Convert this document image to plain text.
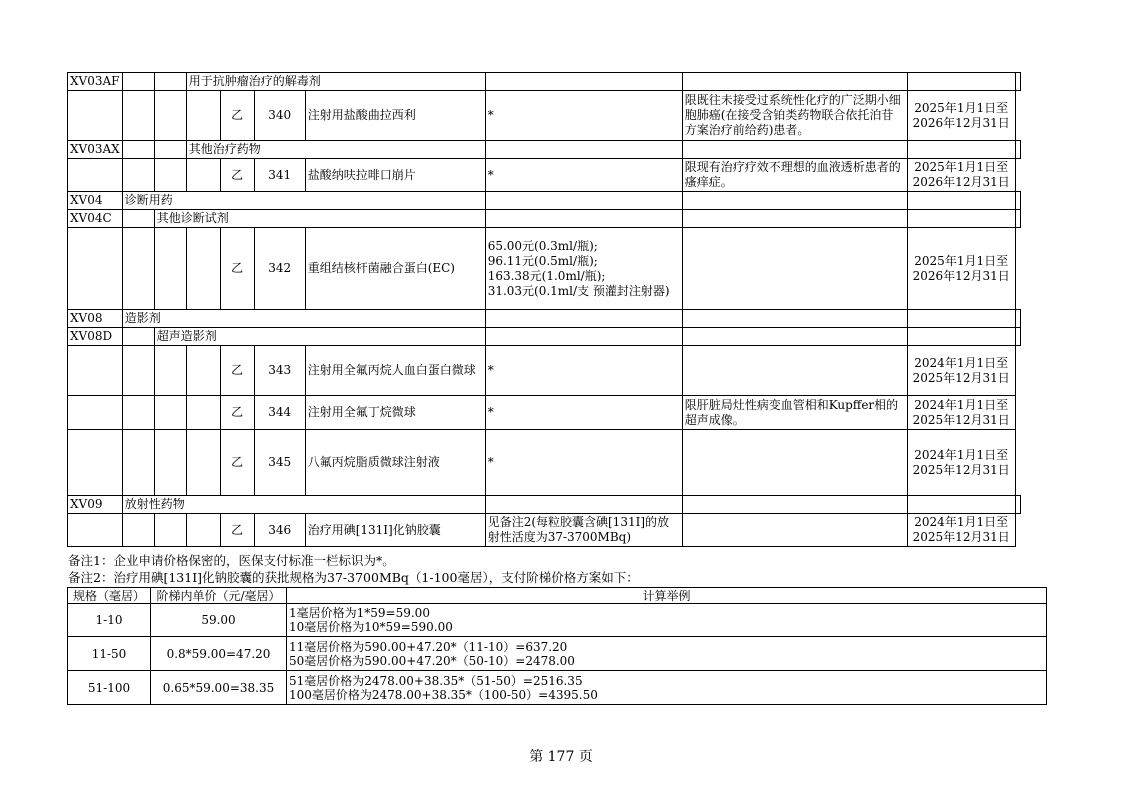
XV03AF			用于抗肿瘤治疗的解毒剂							
				乙	340	注射用盐酸曲拉西利	*	限既往未接受过系统性化疗的广泛期小细胞肺癌(在接受含铂类药物联合依托泊苷方案治疗前给药)患者。	2025年1月1日至2026年12月31日	
XV03AX			其他治疗药物							
				乙	341	盐酸纳呋拉啡口崩片	*	限现有治疗疗效不理想的血液透析患者的瘙痒症。	2025年1月1日至2026年12月31日	
XV04	诊断用药									
XV04C		其他诊断试剂								
				乙	342	重组结核杆菌融合蛋白(EC)	65.00元(0.3ml/瓶);
96.11元(0.5ml/瓶);
163.38元(1.0ml/瓶);
31.03元(0.1ml/支 预灌封注射器)		2025年1月1日至2026年12月31日	
XV08	造影剂									
XV08D		超声造影剂								
				乙	343	注射用全氟丙烷人血白蛋白微球	*		2024年1月1日至2025年12月31日	
				乙	344	注射用全氟丁烷微球	*	限肝脏局灶性病变血管相和Kupffer相的超声成像。	2024年1月1日至2025年12月31日	
				乙	345	八氟丙烷脂质微球注射液	*		2024年1月1日至2025年12月31日	
XV09	放射性药物									
				乙	346	治疗用碘[131I]化钠胶囊	见备注2(每粒胶囊含碘[131I]的放射性活度为37-3700MBq)		2024年1月1日至2025年12月31日	
备注1：企业申请价格保密的，医保支付标准一栏标识为*。
备注2：治疗用碘[131I]化钠胶囊的获批规格为37-3700MBq（1-100毫居），支付阶梯价格方案如下：
规格（毫居）	阶梯内单价（元/毫居）	计算举例
1-10	59.00	1毫居价格为1*59=59.00
10毫居价格为10*59=590.00

11-50	0.8*59.00=47.20	11毫居价格为590.00+47.20*（11-10）=637.20
50毫居价格为590.00+47.20*（50-10）=2478.00

51-100	0.65*59.00=38.35	51毫居价格为2478.00+38.35*（51-50）=2516.35
100毫居价格为2478.00+38.35*（100-50）=4395.50
第 177 页
